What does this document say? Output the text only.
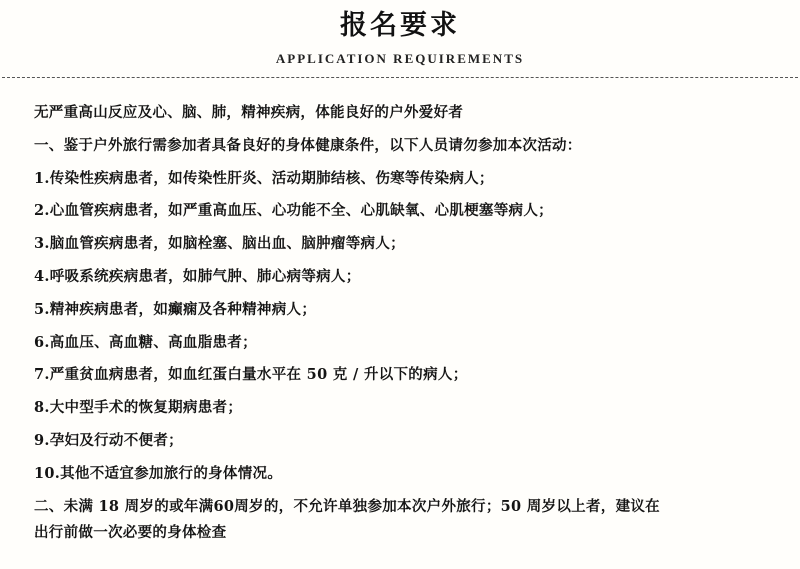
报名要求
APPLICATION REQUIREMENTS
无严重高山反应及心、脑、肺，精神疾病，体能良好的户外爱好者
一、鉴于户外旅行需参加者具备良好的身体健康条件，以下人员请勿参加本次活动：
1.传染性疾病患者，如传染性肝炎、活动期肺结核、伤寒等传染病人；
2.心血管疾病患者，如严重高血压、心功能不全、心肌缺氧、心肌梗塞等病人；
3.脑血管疾病患者，如脑栓塞、脑出血、脑肿瘤等病人；
4.呼吸系统疾病患者，如肺气肿、肺心病等病人；
5.精神疾病患者，如癫痫及各种精神病人；
6.高血压、高血糖、高血脂患者；
7.严重贫血病患者，如血红蛋白量水平在 50 克 / 升以下的病人；
8.大中型手术的恢复期病患者；
9.孕妇及行动不便者；
10.其他不适宜参加旅行的身体情况。
二、未满 18 周岁的或年满60周岁的，不允许单独参加本次户外旅行；50 周岁以上者，建议在
出行前做一次必要的身体检查
